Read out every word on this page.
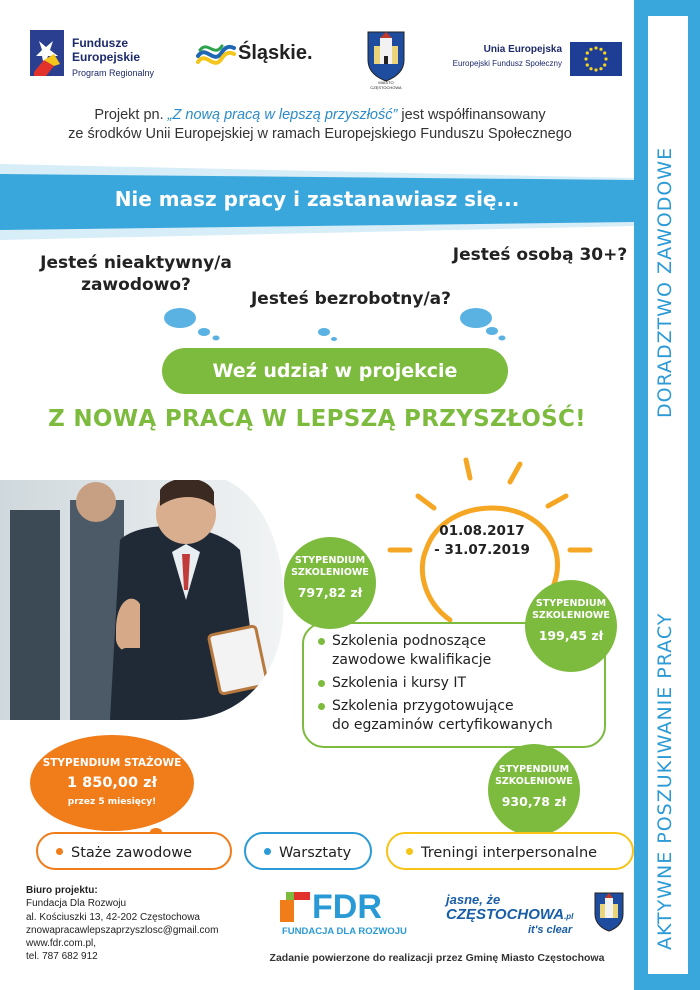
DORADZTWO ZAWODOWE
AKTYWNE POSZUKIWANIE PRACY
Fundusze
Europejskie
Program Regionalny
Śląskie.
MIASTO CZĘSTOCHOWA
Unia Europejska
Europejski Fundusz Społeczny
Projekt pn. „Z nową pracą w lepszą przyszłość” jest współfinansowany
ze środków Unii Europejskiej w ramach Europejskiego Funduszu Społecznego
Nie masz pracy i zastanawiasz się...
Jesteś nieaktywny/a
zawodowo?
Jesteś bezrobotny/a?
Jesteś osobą 30+?
Weź udział w projekcie
Z NOWĄ PRACĄ W LEPSZĄ PRZYSZŁOŚĆ!
01.08.2017
- 31.07.2019
Szkolenia podnoszące
zawodowe kwalifikacje
Szkolenia i kursy IT
Szkolenia przygotowujące
do egzaminów certyfikowanych
STYPENDIUM
SZKOLENIOWE
797,82 zł
STYPENDIUM
SZKOLENIOWE
199,45 zł
STYPENDIUM
SZKOLENIOWE
930,78 zł
STYPENDIUM STAŻOWE
1 850,00 zł
przez 5 miesięcy!
Staże zawodowe	Warsztaty	Treningi interpersonalne
Biuro projektu:
Fundacja Dla Rozwoju
al. Kościuszki 13, 42-202 Częstochowa
znowapracawlepszaprzyszlosc@gmail.com
www.fdr.com.pl,
tel. 787 682 912
FDR
FUNDACJA DLA ROZWOJU
jasne, że
CZĘSTOCHOWA.pl
it's clear
Zadanie powierzone do realizacji przez Gminę Miasto Częstochowa
